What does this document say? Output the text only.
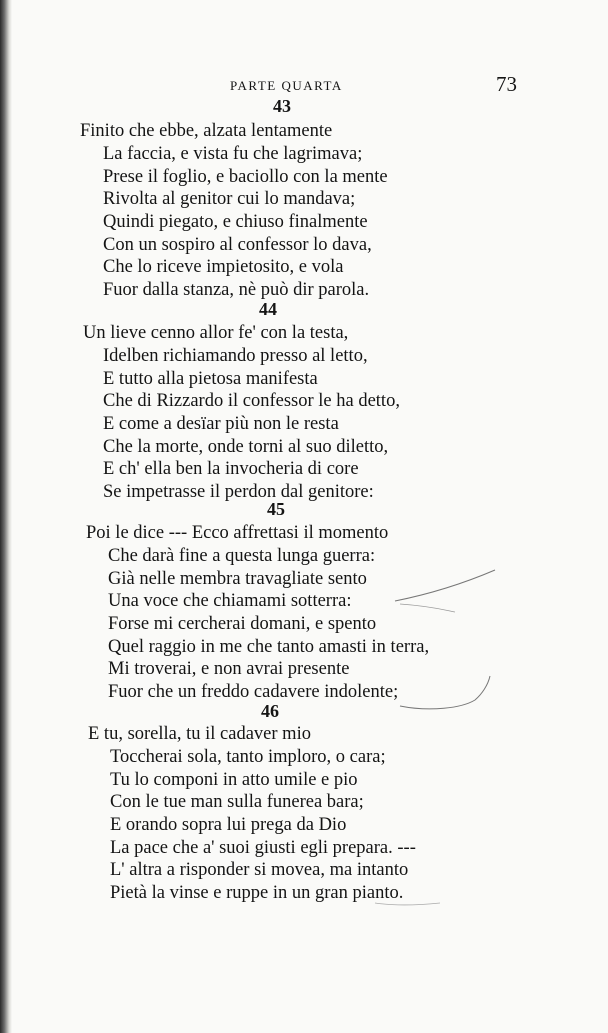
PARTE QUARTA	73
43
Finito che ebbe, alzata lentamente
La faccia, e vista fu che lagrimava;
Prese il foglio, e baciollo con la mente
Rivolta al genitor cui lo mandava;
Quindi piegato, e chiuso finalmente
Con un sospiro al confessor lo dava,
Che lo riceve impietosito, e vola
Fuor dalla stanza, nè può dir parola.
44
Un lieve cenno allor fe' con la testa,
Idelben richiamando presso al letto,
E tutto alla pietosa manifesta
Che di Rizzardo il confessor le ha detto,
E come a desïar più non le resta
Che la morte, onde torni al suo diletto,
E ch' ella ben la invocheria di core
Se impetrasse il perdon dal genitore:
45
Poi le dice --- Ecco affrettasi il momento
Che darà fine a questa lunga guerra:
Già nelle membra travagliate sento
Una voce che chiamami sotterra:
Forse mi cercherai domani, e spento
Quel raggio in me che tanto amasti in terra,
Mi troverai, e non avrai presente
Fuor che un freddo cadavere indolente;
46
E tu, sorella, tu il cadaver mio
Toccherai sola, tanto imploro, o cara;
Tu lo componi in atto umile e pio
Con le tue man sulla funerea bara;
E orando sopra lui prega da Dio
La pace che a' suoi giusti egli prepara. ---
L' altra a risponder si movea, ma intanto
Pietà la vinse e ruppe in un gran pianto.
